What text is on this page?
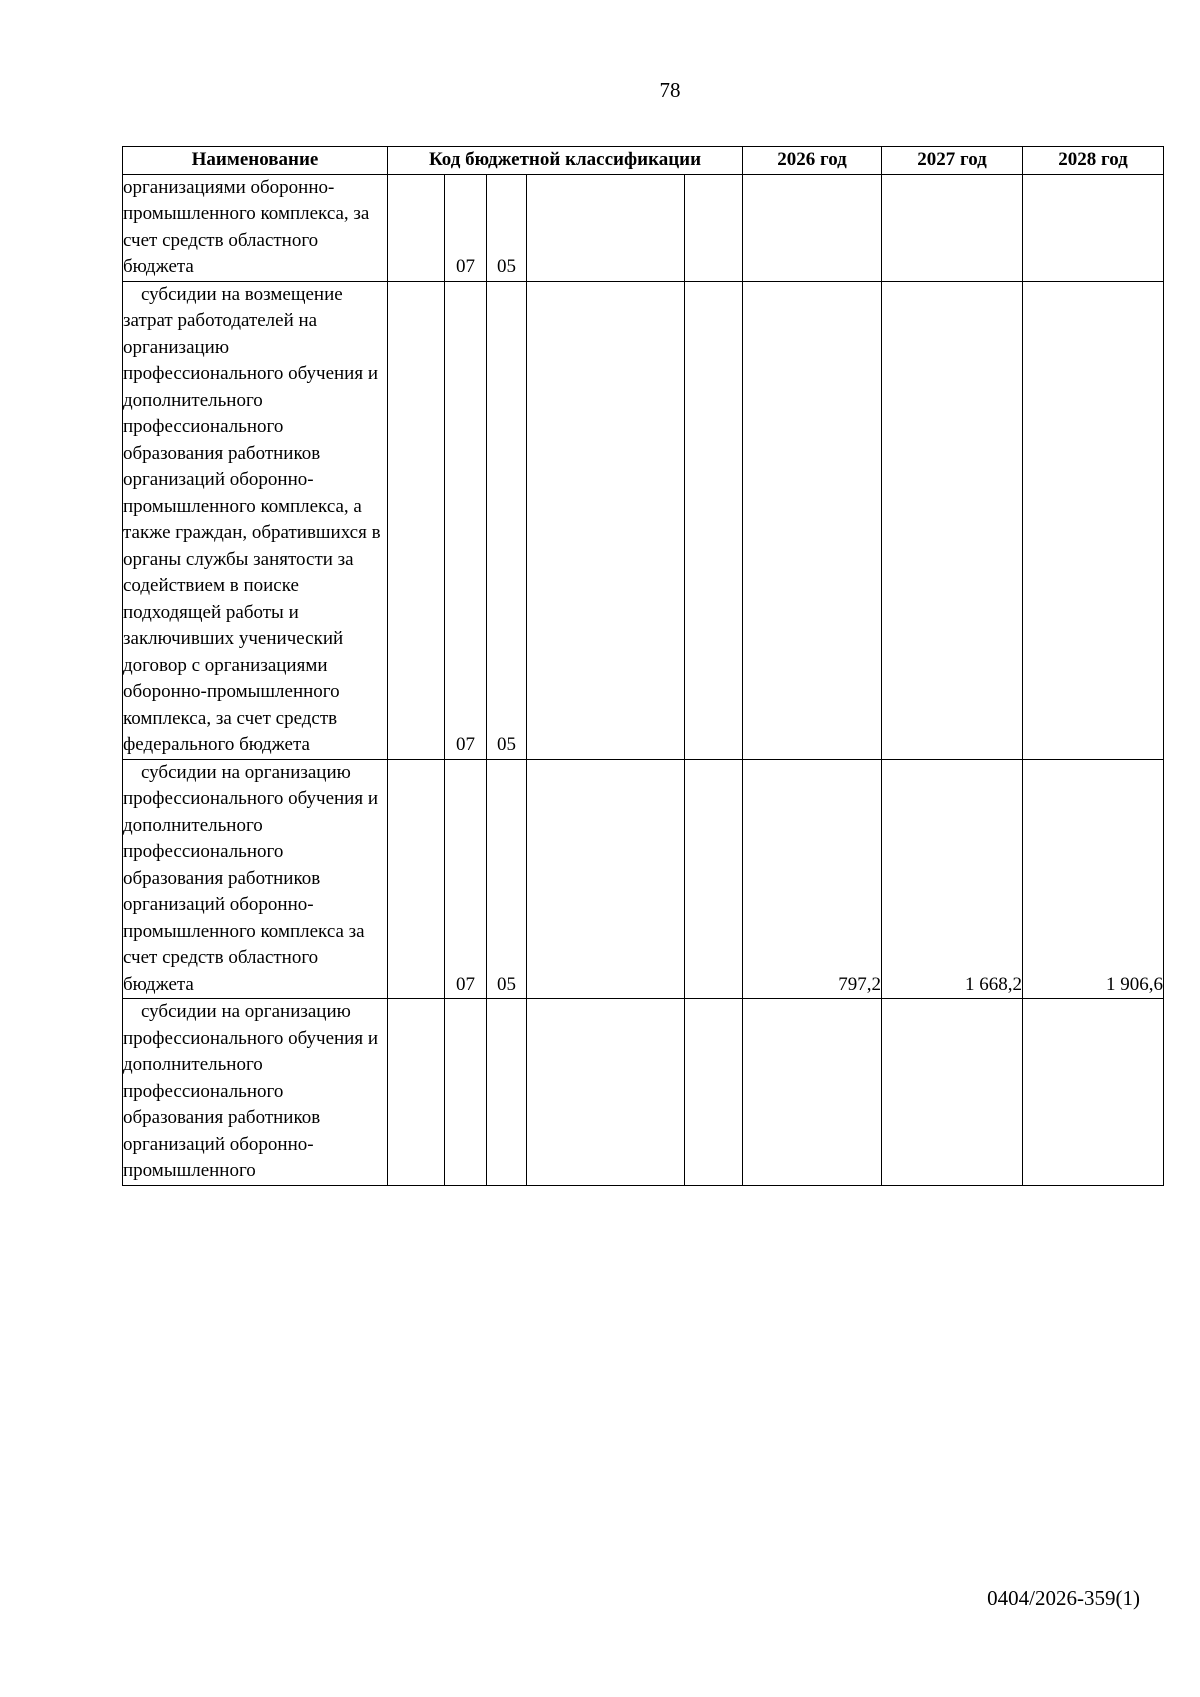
78
Наименование	Код бюджетной классификации					2026 год	2027 год	2028 год
организациями оборонно-промышленного комплекса, за счет средств областного бюджета		07	05					
субсидии на возмещение затрат работодателей на организацию профессионального обучения и дополнительного профессионального образования работников организаций оборонно-промышленного комплекса, а также граждан, обратившихся в органы службы занятости за содействием в поиске подходящей работы и заключивших ученический договор с организациями оборонно-промышленного комплекса, за счет средств федерального бюджета		07	05					
субсидии на организацию профессионального обучения и дополнительного профессионального образования работников организаций оборонно-промышленного комплекса за счет средств областного бюджета		07	05			797,2	1 668,2	1 906,6
субсидии на организацию профессионального обучения и дополнительного профессионального образования работников организаций оборонно-промышленного								
0404/2026-359(1)
